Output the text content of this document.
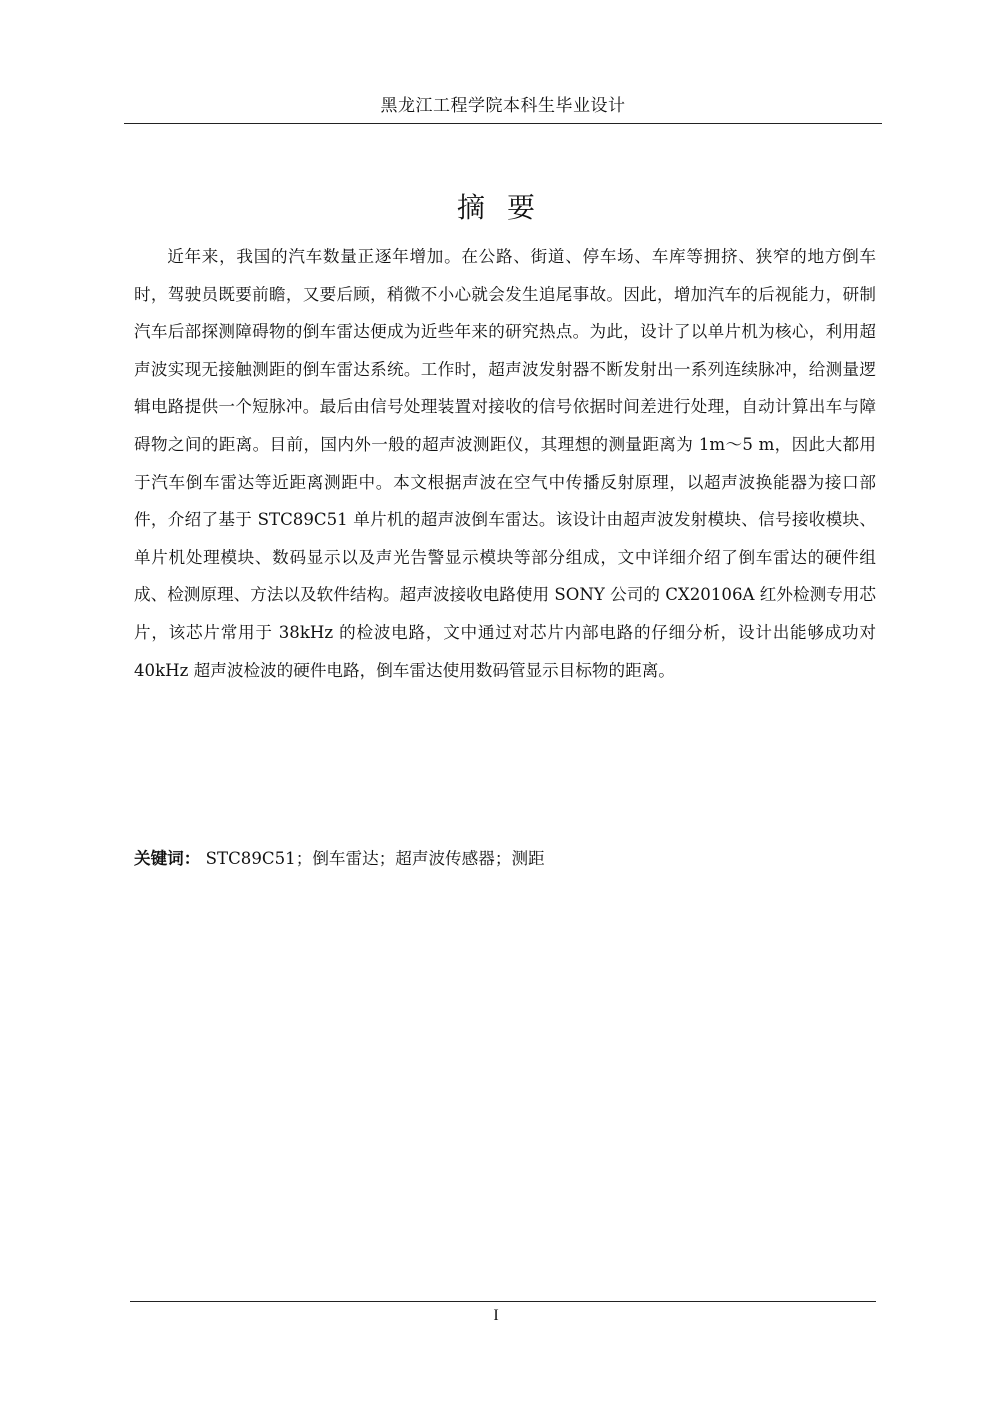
黑龙江工程学院本科生毕业设计
摘要

近年来，我国的汽车数量正逐年增加。在公路、街道、停车场、车库等拥挤、狭窄的地方倒车时，驾驶员既要前瞻，又要后顾，稍微不小心就会发生追尾事故。因此，增加汽车的后视能力，研制汽车后部探测障碍物的倒车雷达便成为近些年来的研究热点。为此，设计了以单片机为核心，利用超声波实现无接触测距的倒车雷达系统。工作时，超声波发射器不断发射出一系列连续脉冲，给测量逻辑电路提供一个短脉冲。最后由信号处理装置对接收的信号依据时间差进行处理，自动计算出车与障碍物之间的距离。目前，国内外一般的超声波测距仪，其理想的测量距离为 1m～5 m，因此大都用于汽车倒车雷达等近距离测距中。本文根据声波在空气中传播反射原理，以超声波换能器为接口部件，介绍了基于 STC89C51 单片机的超声波倒车雷达。该设计由超声波发射模块、信号接收模块、单片机处理模块、数码显示以及声光告警显示模块等部分组成，文中详细介绍了倒车雷达的硬件组成、检测原理、方法以及软件结构。超声波接收电路使用 SONY 公司的 CX20106A 红外检测专用芯片，该芯片常用于 38kHz 的检波电路，文中通过对芯片内部电路的仔细分析，设计出能够成功对 40kHz 超声波检波的硬件电路，倒车雷达使用数码管显示目标物的距离。

关键词： STC89C51；倒车雷达；超声波传感器；测距
I
